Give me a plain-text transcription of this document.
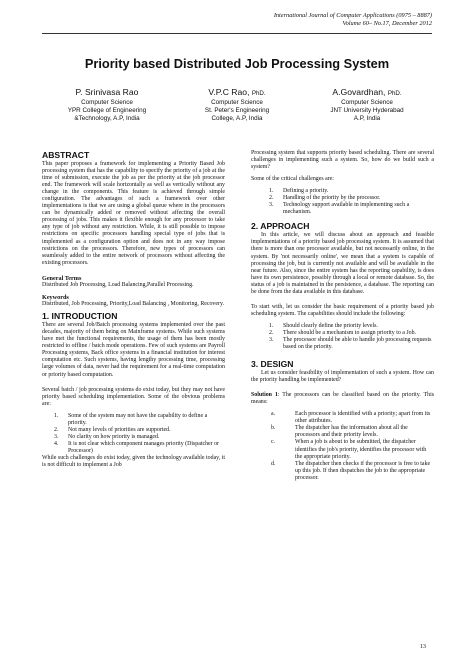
International Journal of Computer Applications (0975 – 8887)
Volume 60– No.17, December 2012
Priority based Distributed Job Processing System
P. Srinivasa Rao
Computer Science
YPR College of Engineering
&Technology, A.P, India
V.P.C Rao, PhD.
Computer Science
St. Peter's Engineering
College, A.P, India
A.Govardhan, PhD.
Computer Science
JNT University Hyderabad
A.P, India
ABSTRACT

This paper proposes a framework for implementing a Priority Based Job processing system that has the capability to specify the priority of a job at the time of submission, execute the job as per the priority at the job processor end. The framework will scale horizontally as well as vertically without any change in the components. This feature is achieved through simple configuration. The advantages of such a framework over other implementations is that we are using a global queue where in the processors can be dynamically added or removed without affecting the overall processing of jobs. This makes it flexible enough for any processor to take any type of job without any restriction. While, it is still possible to impose restrictions on specific processors handling special type of jobs that is implemented as a configuration option and does not in any way impose restrictions on the processors. Therefore, new types of processors can seamlessly added to the entire network of processors without affecting the existing processors.

General Terms

Distributed Job Processing, Load Balancing,Parallel Processing.

Keywords

Distributed, Job Processing, Priority,Load Balancing , Monitoring, Recovery.

1. INTRODUCTION

There are several Job/Batch processing systems implemented over the past decades, majority of them being on Mainframe systems. While such systems have met the functional requirements, the usage of them has been mostly restricted to offline / batch mode operations. Few of such systems are Payroll Processing systems, Back office systems in a financial institution for interest computation etc. Such systems, having lengthy processing time, processing large volumes of data, never had the requirement for a real-time computation or priority based computation.

Several batch / job processing systems do exist today, but they may not have priority based scheduling implementation. Some of the obvious problems are:

1. Some of the system may not have the capability to define a priority.
2. Not many levels of priorities are supported.
3. No clarity on how priority is managed.
4. It is not clear which component manages priority (Dispatcher or Processor)

While such challenges do exist today, given the technology available today, it is not difficult to implement a Job

Processing system that supports priority based scheduling. There are several challenges in implementing such a system. So, how do we build such a system?

Some of the critical challenges are:

1. Defining a priority.
2. Handling of the priority by the processor.
3. Technology support available in implementing such a mechanism.
2. APPROACH

In this article, we will discuss about an approach and feasible implementations of a priority based job processing system. It is assumed that there is more than one processor available, but not necessarily online, in the system. By 'not necessarily online', we mean that a system is capable of processing the job, but is currently not available and will be available in the near future. Also, since the entire system has the reporting capability, is does have its own persistence, possibly through a local or remote database. So, the status of a job is maintained in the persistence, a database. The reporting can be done from the data available in this database.

To start with, let us consider the basic requirement of a priority based job scheduling system. The capabilities should include the following:

1. Should clearly define the priority levels.
2. There should be a mechanism to assign priority to a Job.
3. The processor should be able to handle job processing requests based on the priority.
3. DESIGN

Let us consider feasibility of implementation of such a system. How can the priority handling be implemented?

Solution 1: The processors can be classified based on the priority. This means:

a.	Each processor is identified with a priority; apart from its other attributes.
b.	The dispatcher has the information about all the processors and their priority levels.
c.	When a job is about to be submitted, the dispatcher identifies the job's priority, identifies the processor with the appropriate priority.
d.	The dispatcher then checks if the processor is free to take up this job. If then dispatches the job to the appropriate processor.
13
